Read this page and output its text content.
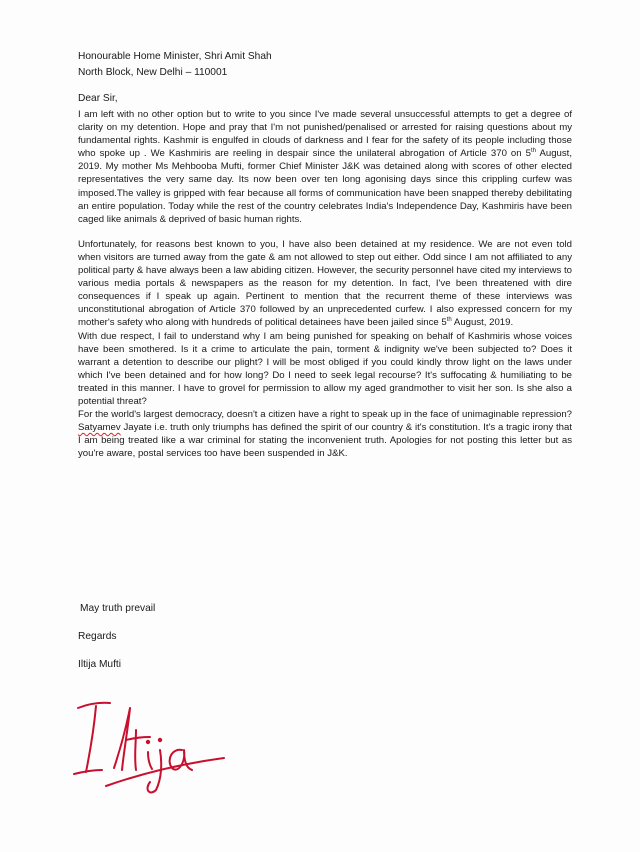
Honourable Home Minister, Shri Amit Shah
North Block, New Delhi – 110001
Dear Sir,

I am left with no other option but to write to you since I've made several unsuccessful attempts to get a degree of clarity on my detention. Hope and pray that I'm not punished/penalised or arrested for raising questions about my fundamental rights. Kashmir is engulfed in clouds of darkness and I fear for the safety of its people including those who spoke up . We Kashmiris are reeling in despair since the unilateral abrogation of Article 370 on 5th August, 2019. My mother Ms Mehbooba Mufti, former Chief Minister J&K was detained along with scores of other elected representatives the very same day. Its now been over ten long agonising days since this crippling curfew was imposed.The valley is gripped with fear because all forms of communication have been snapped thereby debilitating an entire population. Today while the rest of the country celebrates India's Independence Day, Kashmiris have been caged like animals & deprived of basic human rights.

Unfortunately, for reasons best known to you, I have also been detained at my residence. We are not even told when visitors are turned away from the gate & am not allowed to step out either. Odd since I am not affiliated to any political party & have always been a law abiding citizen. However, the security personnel have cited my interviews to various media portals & newspapers as the reason for my detention. In fact, I've been threatened with dire consequences if I speak up again. Pertinent to mention that the recurrent theme of these interviews was unconstitutional abrogation of Article 370 followed by an unprecedented curfew. I also expressed concern for my mother's safety who along with hundreds of political detainees have been jailed since 5th August, 2019.

With due respect, I fail to understand why I am being punished for speaking on behalf of Kashmiris whose voices have been smothered. Is it a crime to articulate the pain, torment & indignity we've been subjected to? Does it warrant a detention to describe our plight? I will be most obliged if you could kindly throw light on the laws under which I've been detained and for how long? Do I need to seek legal recourse? It's suffocating & humiliating to be treated in this manner. I have to grovel for permission to allow my aged grandmother to visit her son. Is she also a potential threat?

For the world's largest democracy, doesn't a citizen have a right to speak up in the face of unimaginable repression? Satyamev Jayate i.e. truth only triumphs has defined the spirit of our country & it's constitution. It's a tragic irony that I am being treated like a war criminal for stating the inconvenient truth. Apologies for not posting this letter but as you're aware, postal services too have been suspended in J&K.

May truth prevail
Regards
Iltija Mufti
